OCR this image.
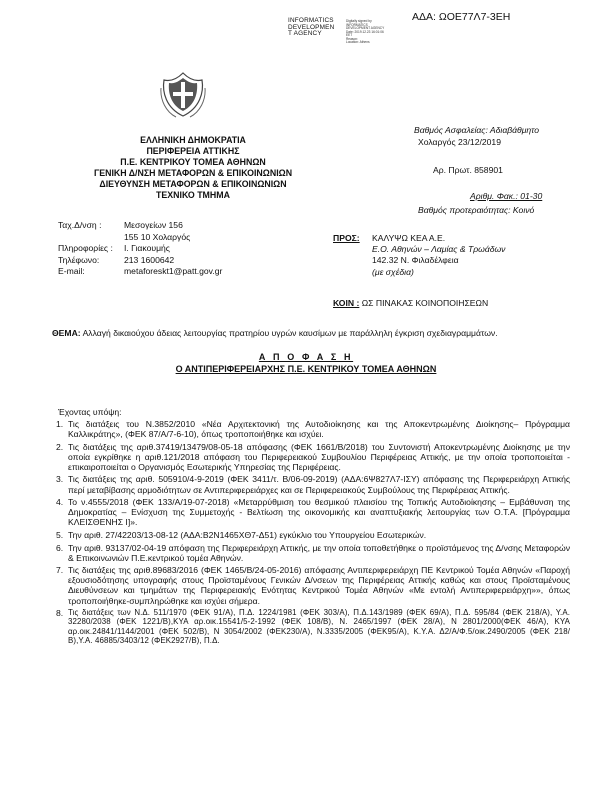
ΑΔΑ: ΩΟΕ77Λ7-3ΕΗ
INFORMATICS
DEVELOPMEN
T AGENCY
Digitally signed by
INFORMATICS
DEVELOPMENT AGENCY
Date: 2019.12.23 16:01:06
EET
Reason:
Location: Athens
ΕΛΛΗΝΙΚΗ ΔΗΜΟΚΡΑΤΙΑ
ΠΕΡΙΦΕΡΕΙΑ ΑΤΤΙΚΗΣ
Π.Ε. ΚΕΝΤΡΙΚΟΥ ΤΟΜΕΑ ΑΘΗΝΩΝ
ΓΕΝΙΚΗ Δ/ΝΣΗ ΜΕΤΑΦΟΡΩΝ & ΕΠΙΚΟΙΝΩΝΙΩΝ
ΔΙΕΥΘΥΝΣΗ ΜΕΤΑΦΟΡΩΝ & ΕΠΙΚΟΙΝΩΝΙΩΝ
ΤΕΧΝΙΚΟ ΤΜΗΜΑ
Βαθμός Ασφαλείας: Αδιαβάθμητο
Χολαργός 23/12/2019
Αρ. Πρωτ. 858901
Αριθμ. Φακ.: 01-30
Βαθμός προτεραιότητας: Κοινό
Ταχ.Δ/νση :	Μεσογείων 156
	155 10 Χολαργός
Πληροφορίες :	Ι. Γιακουμής
Τηλέφωνο:	213 1600642
E-mail:	metaforeskt1@patt.gov.gr
ΠΡΟΣ: ΚΑΛΥΨΩ ΚΕΑ Α.Ε.
Ε.Ο. Αθηνών – Λαμίας & Τρωάδων
142.32 Ν. Φιλαδέλφεια
(με σχέδια)
ΚΟΙΝ : ΩΣ ΠΙΝΑΚΑΣ ΚΟΙΝΟΠΟΙΗΣΕΩΝ
ΘΕΜΑ: Αλλαγή δικαιούχου άδειας λειτουργίας πρατηρίου υγρών καυσίμων με παράλληλη έγκριση σχεδιαγραμμάτων.
Α Π Ο Φ Α Σ Η
Ο ΑΝΤΙΠΕΡΙΦΕΡΕΙΑΡΧΗΣ Π.Ε. ΚΕΝΤΡΙΚΟΥ ΤΟΜΕΑ ΑΘΗΝΩΝ
Έχοντας υπόψη:
1. Τις διατάξεις του Ν.3852/2010 «Νέα Αρχιτεκτονική της Αυτοδιοίκησης και της Αποκεντρωμένης Διοίκησης– Πρόγραμμα Καλλικράτης», (ΦΕΚ 87/Α/7-6-10), όπως τροποποιήθηκε και ισχύει.
2. Τις διατάξεις της αριθ.37419/13479/08-05-18 απόφασης (ΦΕΚ 1661/Β/2018) του Συντονιστή Αποκεντρωμένης Διοίκησης με την οποία εγκρίθηκε η αριθ.121/2018 απόφαση του Περιφερειακού Συμβουλίου Περιφέρειας Αττικής, με την οποία τροποποιείται - επικαιροποιείται ο Οργανισμός Εσωτερικής Υπηρεσίας της Περιφέρειας.
3. Τις διατάξεις της αριθ. 505910/4-9-2019 (ΦΕΚ 3411/τ. Β/06-09-2019) (ΑΔΑ:6Ψ827Λ7-ΙΣΥ) απόφασης της Περιφερειάρχη Αττικής περί μεταβίβασης αρμοδιότητων σε Αντιπεριφερειάρχες και σε Περιφερειακούς Συμβούλους της Περιφέρειας Αττικής.
4. Το ν.4555/2018 (ΦΕΚ 133/Α/19-07-2018) «Μεταρρύθμιση του θεσμικού πλαισίου της Τοπικής Αυτοδιοίκησης – Εμβάθυνση της Δημοκρατίας – Ενίσχυση της Συμμετοχής - Βελτίωση της οικονομικής και αναπτυξιακής λειτουργίας των Ο.Τ.Α. [Πρόγραμμα ΚΛΕΙΣΘΕΝΗΣ Ι]».
5. Την αριθ. 27/42203/13-08-12 (ΑΔΑ:Β2Ν1465ΧΘ7-Δ51) εγκύκλιο του Υπουργείου Εσωτερικών.
6. Την αριθ. 93137/02-04-19 απόφαση της Περιφερειάρχη Αττικής, με την οποία τοποθετήθηκε ο προϊστάμενος της Δ/νσης Μεταφορών & Επικοινωνιών Π.Ε.κεντρικού τομέα Αθηνών.
7. Τις διατάξεις της αριθ.89683/2016 (ΦΕΚ 1465/Β/24-05-2016) απόφασης Αντιπεριφερειάρχη ΠΕ Κεντρικού Τομέα Αθηνών «Παροχή εξουσιοδότησης υπογραφής στους Προϊσταμένους Γενικών Δ/νσεων της Περιφέρειας Αττικής καθώς και στους Προϊσταμένους Διευθύνσεων και τμημάτων της Περιφερειακής Ενότητας Κεντρικού Τομέα Αθηνών «Με εντολή Αντιπεριφερειάρχη»», όπως τροποποιήθηκε-συμπληρώθηκε και ισχύει σήμερα.
8. Τις διατάξεις των Ν.Δ. 511/1970 (ΦΕΚ 91/Α), Π.Δ. 1224/1981 (ΦΕΚ 303/Α), Π.Δ.143/1989 (ΦΕΚ 69/Α), Π.Δ. 595/84 (ΦΕΚ 218/Α), Υ.Α. 32280/2038 (ΦΕΚ 1221/Β),ΚΥΑ αρ.οικ.15541/5-2-1992 (ΦΕΚ 108/Β), Ν. 2465/1997 (ΦΕΚ 28/Α), Ν 2801/2000(ΦΕΚ 46/Α), ΚΥΑ αρ.οικ.24841/1144/2001 (ΦΕΚ 502/Β), Ν 3054/2002 (ΦΕΚ230/Α), Ν.3335/2005 (ΦΕΚ95/Α), Κ.Υ.Α. Δ2/Α/Φ.5/οικ.2490/2005 (ΦΕΚ 218/Β),Υ.Α. 46885/3403/12 (ΦΕΚ2927/Β), Π.Δ.
